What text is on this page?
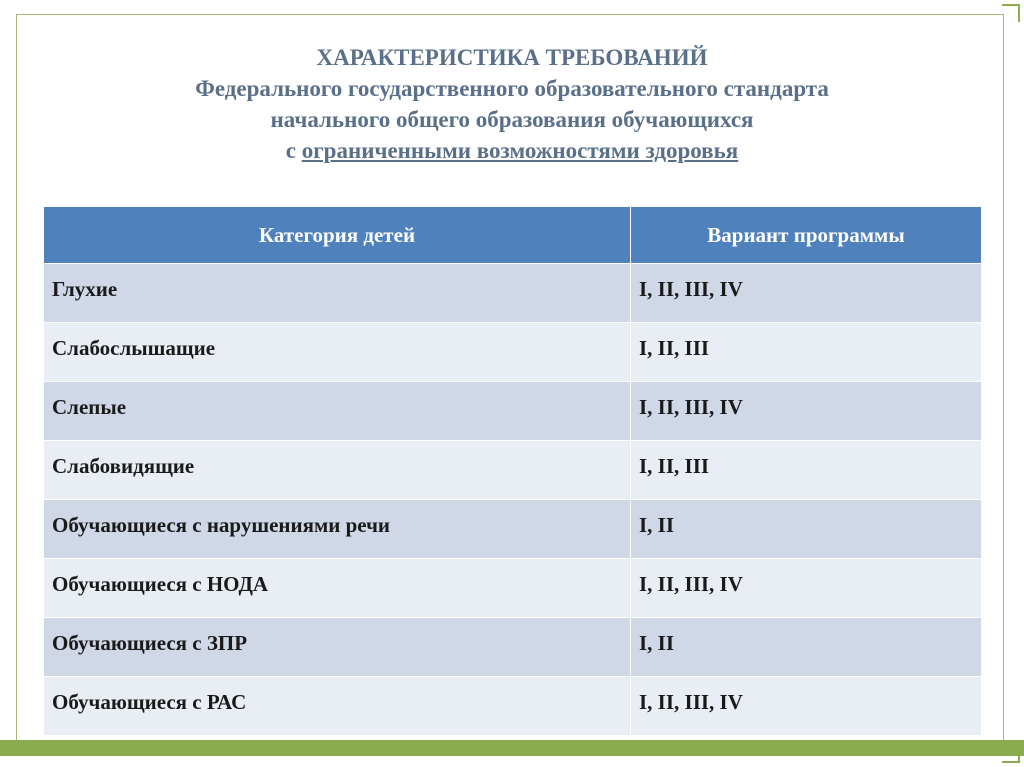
ХАРАКТЕРИСТИКА ТРЕБОВАНИЙ
Федерального государственного образовательного стандарта
начального общего образования обучающихся
с ограниченными возможностями здоровья
Категория детей	Вариант программы
Глухие	I, II, III, IV
Слабослышащие	I, II, III
Слепые	I, II, III, IV
Слабовидящие	I, II, III
Обучающиеся с нарушениями речи	I, II
Обучающиеся с НОДА	I, II, III, IV
Обучающиеся с ЗПР	I, II
Обучающиеся с РАС	I, II, III, IV
